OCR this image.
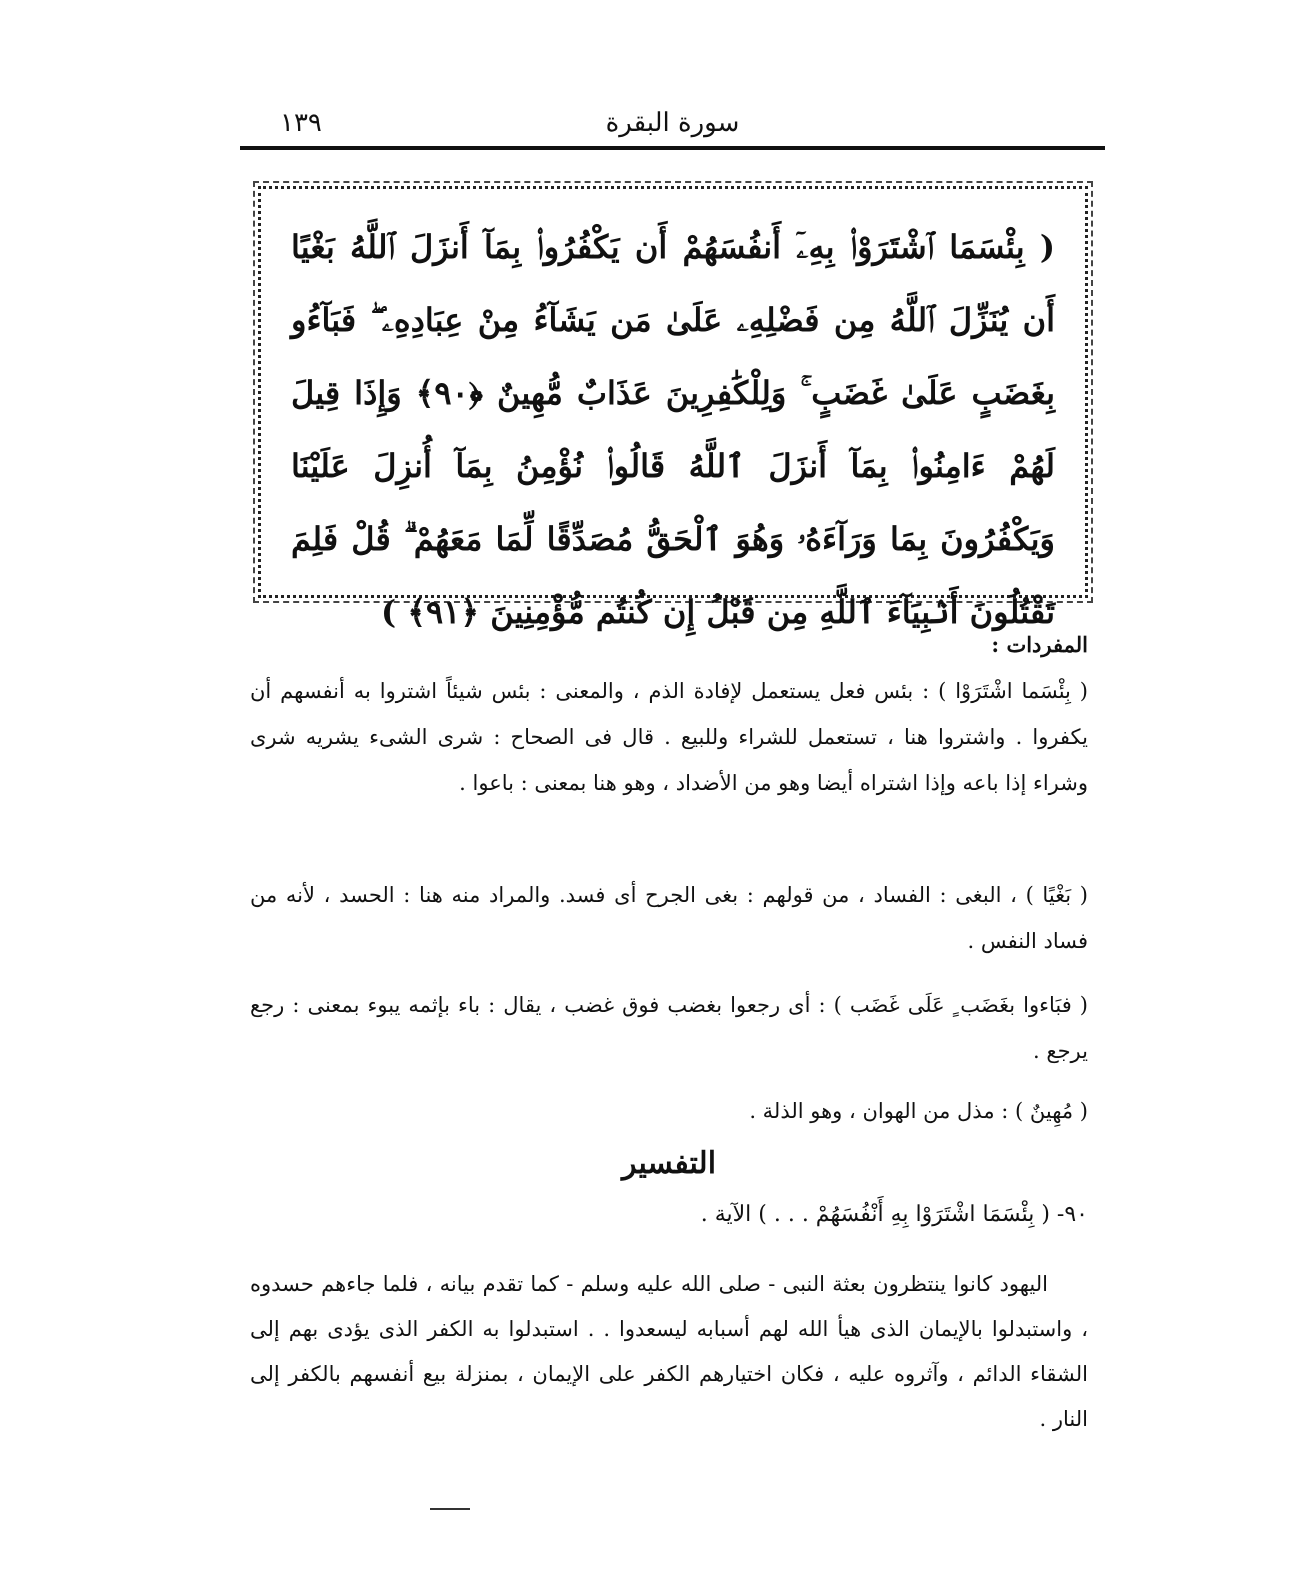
سورة البقرة
١٣٩
( بِئْسَمَا ٱشْتَرَوْا۟ بِهِۦٓ أَنفُسَهُمْ أَن يَكْفُرُوا۟ بِمَآ أَنزَلَ ٱللَّهُ بَغْيًا أَن يُنَزِّلَ ٱللَّهُ مِن فَضْلِهِۦ عَلَىٰ مَن يَشَآءُ مِنْ عِبَادِهِۦ ۖ فَبَآءُو بِغَضَبٍ عَلَىٰ غَضَبٍ ۚ وَلِلْكَٰفِرِينَ عَذَابٌ مُّهِينٌ ﴿٩٠﴾ وَإِذَا قِيلَ لَهُمْ ءَامِنُوا۟ بِمَآ أَنزَلَ ٱللَّهُ قَالُوا۟ نُؤْمِنُ بِمَآ أُنزِلَ عَلَيْنَا وَيَكْفُرُونَ بِمَا وَرَآءَهُۥ وَهُوَ ٱلْحَقُّ مُصَدِّقًا لِّمَا مَعَهُمْ ۗ قُلْ فَلِمَ تَقْتُلُونَ أَنۢبِيَآءَ ٱللَّهِ مِن قَبْلُ إِن كُنتُم مُّؤْمِنِينَ ﴿٩١﴾ )
المفردات :

( بِئْسَما اشْتَرَوْا ) : بئس فعل يستعمل لإفادة الذم ، والمعنى : بئس شيئاً اشتروا به أنفسهم أن يكفروا . واشتروا هنا ، تستعمل للشراء وللبيع . قال فى الصحاح : شرى الشىء يشريه شرى وشراء إذا باعه وإذا اشتراه أيضا وهو من الأضداد ، وهو هنا بمعنى : باعوا .

( بَغْيًا ) ، البغى : الفساد ، من قولهم : بغى الجرح أى فسد. والمراد منه هنا : الحسد ، لأنه من فساد النفس .

( فبَاءوا بغَضَب ٍ عَلَى غَضَب ) : أى رجعوا بغضب فوق غضب ، يقال : باء بإثمه يبوء بمعنى : رجع يرجع .

( مُهِينٌ ) : مذل من الهوان ، وهو الذلة .

التفسير
٩٠- ( بِئْسَمَا اشْتَرَوْا بِهِ أَنْفُسَهُمْ . . . ) الآية .

اليهود كانوا ينتظرون بعثة النبى - صلى الله عليه وسلم - كما تقدم بيانه ، فلما جاءهم حسدوه ، واستبدلوا بالإيمان الذى هيأ الله لهم أسبابه ليسعدوا . . استبدلوا به الكفر الذى يؤدى بهم إلى الشقاء الدائم ، وآثروه عليه ، فكان اختيارهم الكفر على الإيمان ، بمنزلة بيع أنفسهم بالكفر إلى النار .
